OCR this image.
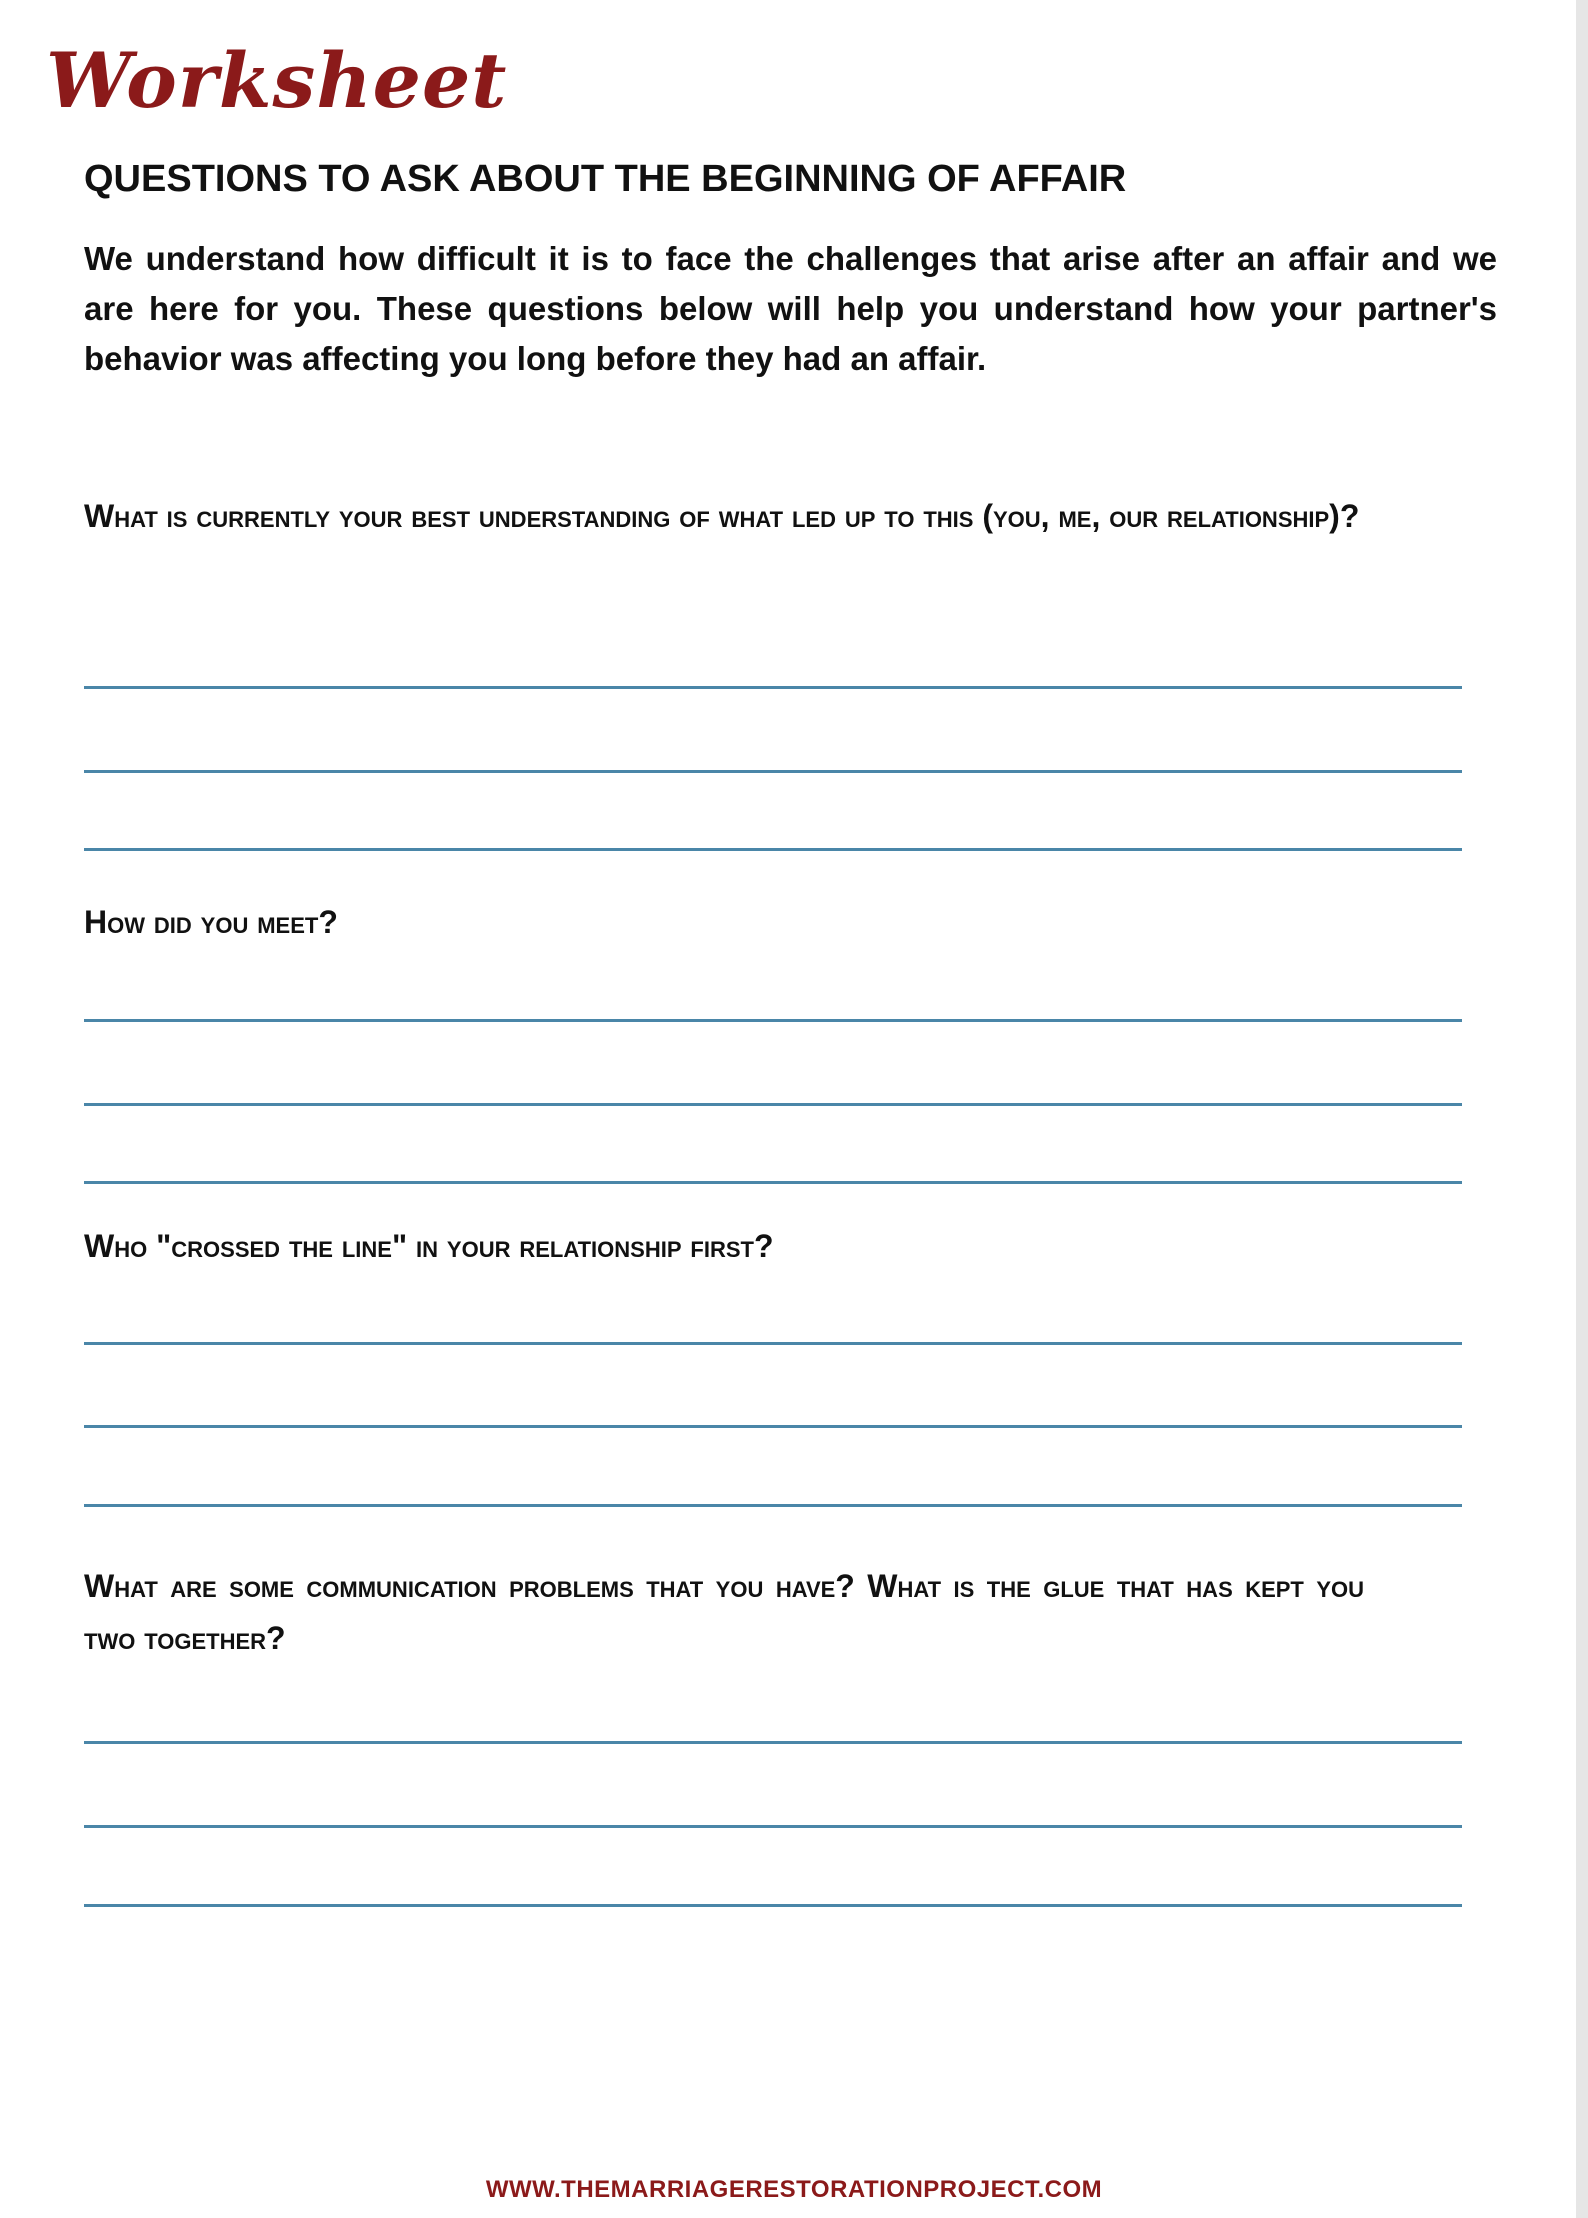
Worksheet
QUESTIONS TO ASK ABOUT THE BEGINNING OF AFFAIR
We understand how difficult it is to face the challenges that arise after an affair and we are here for you. These questions below will help you understand how your partner's behavior was affecting you long before they had an affair.
What is currently your best understanding of what led up to this (you, me, our relationship)?
How did you meet?
Who "crossed the line" in your relationship first?
What are some communication problems that you have? What is the glue that has kept you two together?
WWW.THEMARRIAGERESTORATIONPROJECT.COM
